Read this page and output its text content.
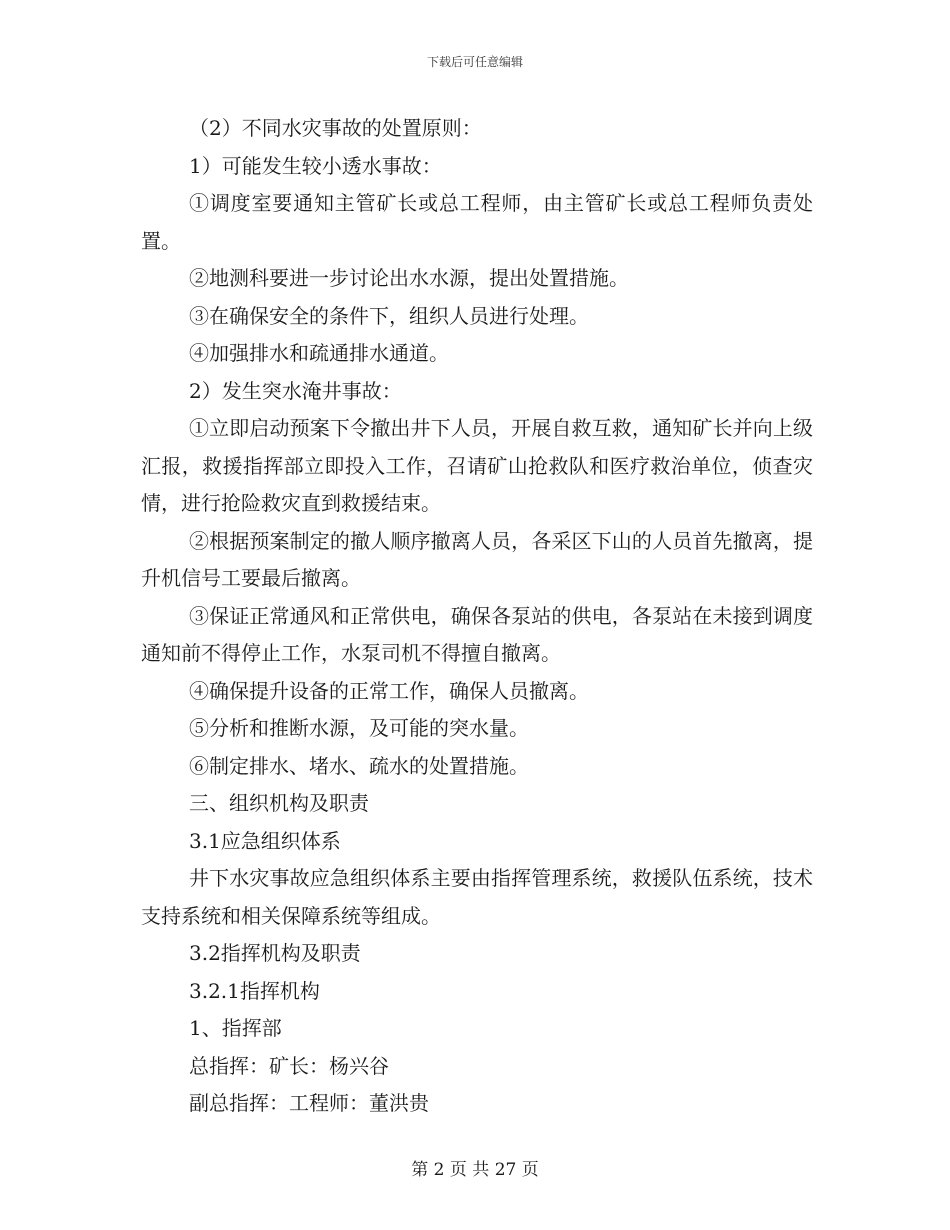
下载后可任意编辑

（2）不同水灾事故的处置原则：

1）可能发生较小透水事故：

①调度室要通知主管矿长或总工程师，由主管矿长或总工程师负责处置。

②地测科要进一步讨论出水水源，提出处置措施。

③在确保安全的条件下，组织人员进行处理。

④加强排水和疏通排水通道。

2）发生突水淹井事故：

①立即启动预案下令撤出井下人员，开展自救互救，通知矿长并向上级汇报，救援指挥部立即投入工作，召请矿山抢救队和医疗救治单位，侦查灾情，进行抢险救灾直到救援结束。

②根据预案制定的撤人顺序撤离人员，各采区下山的人员首先撤离，提升机信号工要最后撤离。

③保证正常通风和正常供电，确保各泵站的供电，各泵站在未接到调度通知前不得停止工作，水泵司机不得擅自撤离。

④确保提升设备的正常工作，确保人员撤离。

⑤分析和推断水源，及可能的突水量。

⑥制定排水、堵水、疏水的处置措施。

三、组织机构及职责

3.1应急组织体系

井下水灾事故应急组织体系主要由指挥管理系统，救援队伍系统，技术支持系统和相关保障系统等组成。

3.2指挥机构及职责

3.2.1指挥机构

1、指挥部

总指挥：矿长：杨兴谷

副总指挥：工程师：董洪贵

第 2 页 共 27 页
